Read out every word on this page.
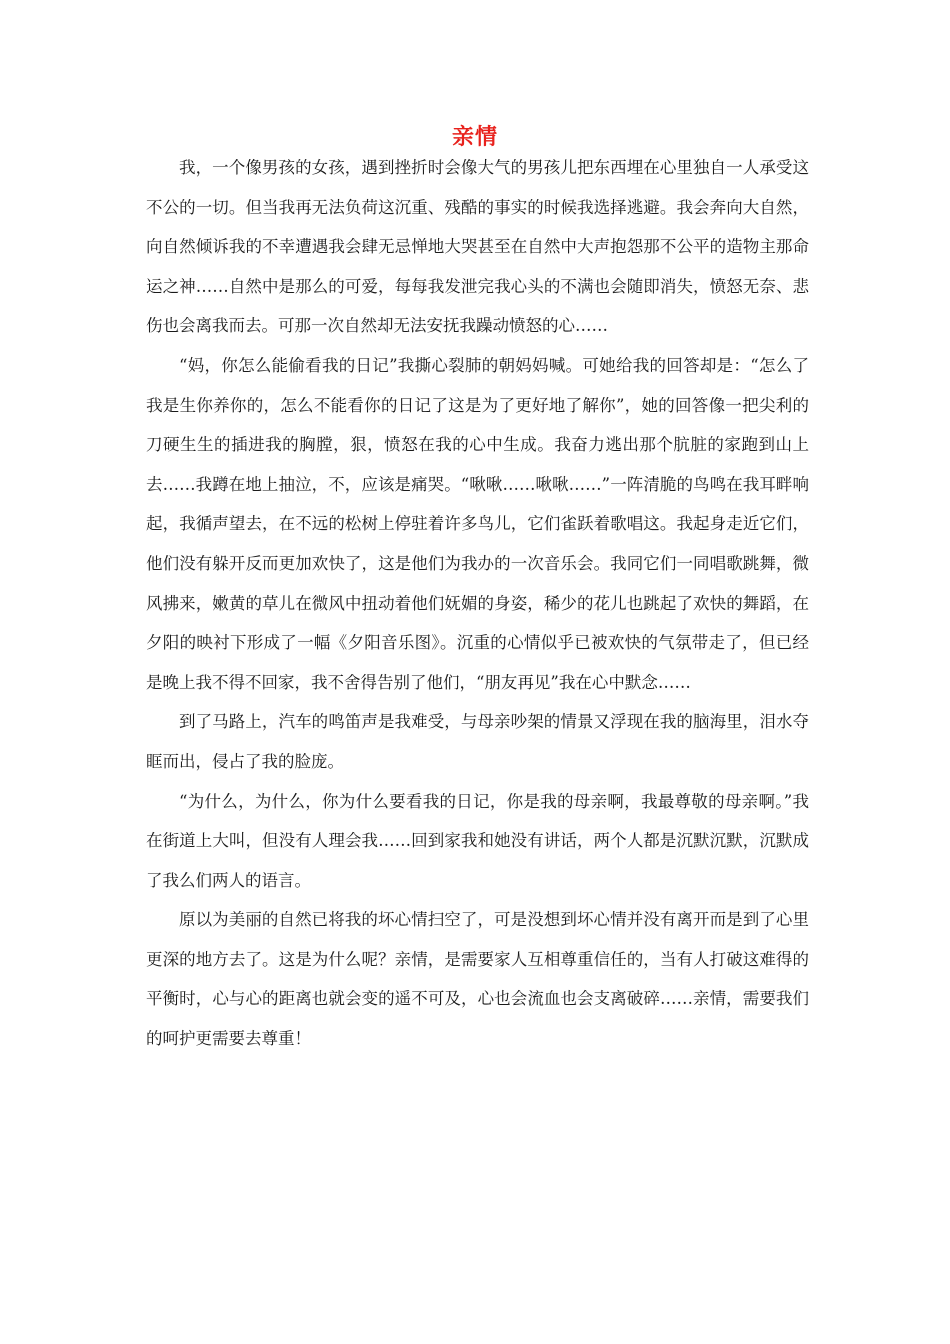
亲情

我，一个像男孩的女孩，遇到挫折时会像大气的男孩儿把东西埋在心里独自一人承受这不公的一切。但当我再无法负荷这沉重、残酷的事实的时候我选择逃避。我会奔向大自然，向自然倾诉我的不幸遭遇我会肆无忌惮地大哭甚至在自然中大声抱怨那不公平的造物主那命运之神……自然中是那么的可爱，每每我发泄完我心头的不满也会随即消失，愤怒无奈、悲伤也会离我而去。可那一次自然却无法安抚我躁动愤怒的心……

“妈，你怎么能偷看我的日记”我撕心裂肺的朝妈妈喊。可她给我的回答却是：“怎么了我是生你养你的，怎么不能看你的日记了这是为了更好地了解你”，她的回答像一把尖利的刀硬生生的插进我的胸膛，狠，愤怒在我的心中生成。我奋力逃出那个肮脏的家跑到山上去……我蹲在地上抽泣，不，应该是痛哭。“啾啾……啾啾……”一阵清脆的鸟鸣在我耳畔响起，我循声望去，在不远的松树上停驻着许多鸟儿，它们雀跃着歌唱这。我起身走近它们，他们没有躲开反而更加欢快了，这是他们为我办的一次音乐会。我同它们一同唱歌跳舞，微风拂来，嫩黄的草儿在微风中扭动着他们妩媚的身姿，稀少的花儿也跳起了欢快的舞蹈，在夕阳的映衬下形成了一幅《夕阳音乐图》。沉重的心情似乎已被欢快的气氛带走了，但已经是晚上我不得不回家，我不舍得告别了他们，“朋友再见”我在心中默念……

到了马路上，汽车的鸣笛声是我难受，与母亲吵架的情景又浮现在我的脑海里，泪水夺眶而出，侵占了我的脸庞。

“为什么，为什么，你为什么要看我的日记，你是我的母亲啊，我最尊敬的母亲啊。”我在街道上大叫，但没有人理会我……回到家我和她没有讲话，两个人都是沉默沉默，沉默成了我么们两人的语言。

原以为美丽的自然已将我的坏心情扫空了，可是没想到坏心情并没有离开而是到了心里更深的地方去了。这是为什么呢？亲情，是需要家人互相尊重信任的，当有人打破这难得的平衡时，心与心的距离也就会变的遥不可及，心也会流血也会支离破碎……亲情，需要我们的呵护更需要去尊重！
